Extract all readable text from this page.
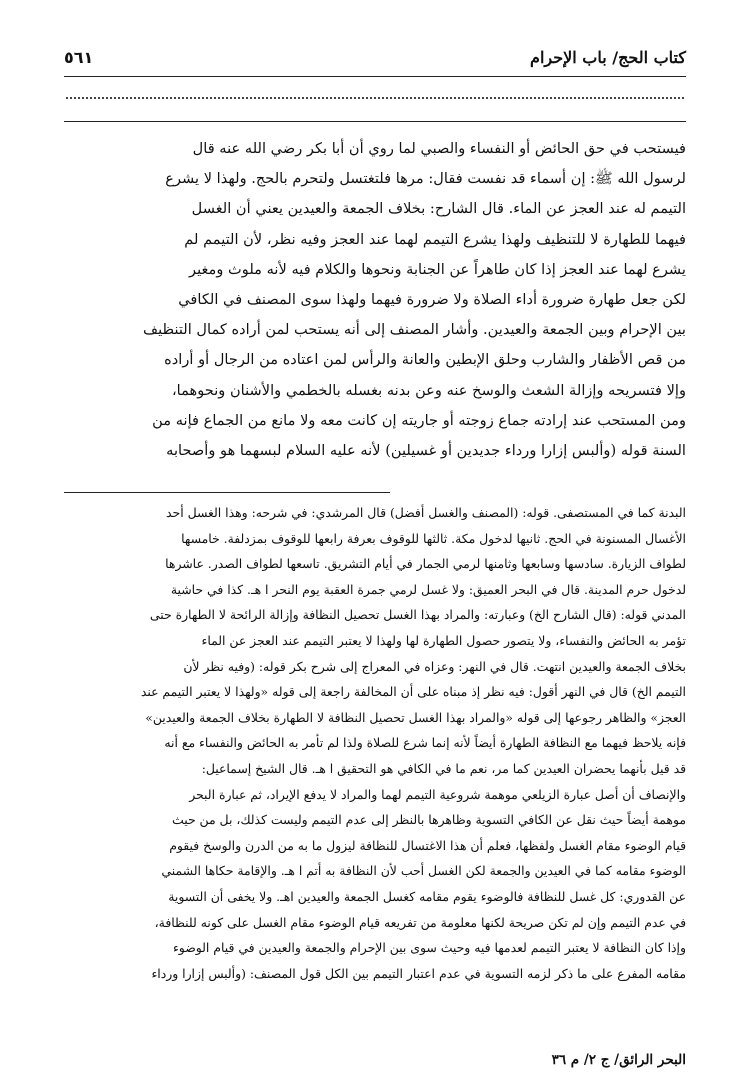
كتاب الحج/ باب الإحرام
٥٦١
فيستحب في حق الحائض أو النفساء والصبي لما روي أن أبا بكر رضي الله عنه قال
لرسول الله ﷺ: إن أسماء قد نفست فقال: مرها فلتغتسل ولتحرم بالحج. ولهذا لا يشرع
التيمم له عند العجز عن الماء. قال الشارح: بخلاف الجمعة والعيدين يعني أن الغسل
فيهما للطهارة لا للتنظيف ولهذا يشرع التيمم لهما عند العجز وفيه نظر، لأن التيمم لم
يشرع لهما عند العجز إذا كان طاهراً عن الجنابة ونحوها والكلام فيه لأنه ملوث ومغير
لكن جعل طهارة ضرورة أداء الصلاة ولا ضرورة فيهما ولهذا سوى المصنف في الكافي
بين الإحرام وبين الجمعة والعيدين. وأشار المصنف إلى أنه يستحب لمن أراده كمال التنظيف
من قص الأظفار والشارب وحلق الإبطين والعانة والرأس لمن اعتاده من الرجال أو أراده
وإلا فتسريحه وإزالة الشعث والوسخ عنه وعن بدنه بغسله بالخطمي والأشنان ونحوهما،
ومن المستحب عند إرادته جماع زوجته أو جاريته إن كانت معه ولا مانع من الجماع فإنه من
السنة قوله (وألبس إزارا ورداء جديدين أو غسيلين) لأنه عليه السلام لبسهما هو وأصحابه
البدنة كما في المستصفى. قوله: (المصنف والغسل أفضل) قال المرشدي: في شرحه: وهذا الغسل أحد
الأغسال المسنونة في الحج. ثانيها لدخول مكة. ثالثها للوقوف بعرفة رابعها للوقوف بمزدلفة. خامسها
لطواف الزيارة. سادسها وسابعها وثامنها لرمي الجمار في أيام التشريق. تاسعها لطواف الصدر. عاشرها
لدخول حرم المدينة. قال في البحر العميق: ولا غسل لرمي جمرة العقبة يوم النحر ا هـ. كذا في حاشية
المدني قوله: (قال الشارح الخ) وعبارته: والمراد بهذا الغسل تحصيل النظافة وإزالة الرائحة لا الطهارة حتى
تؤمر به الحائض والنفساء، ولا يتصور حصول الطهارة لها ولهذا لا يعتبر التيمم عند العجز عن الماء
بخلاف الجمعة والعيدين انتهت. قال في النهر: وعزاه في المعراج إلى شرح بكر قوله: (وفيه نظر لأن
التيمم الخ) قال في النهر أقول: فيه نظر إذ مبناه على أن المخالفة راجعة إلى قوله «ولهذا لا يعتبر التيمم عند
العجز» والظاهر رجوعها إلى قوله «والمراد بهذا الغسل تحصيل النظافة لا الطهارة بخلاف الجمعة والعيدين»
فإنه يلاحظ فيهما مع النظافة الطهارة أيضاً لأنه إنما شرع للصلاة ولذا لم تأمر به الحائض والنفساء مع أنه
قد قيل بأنهما يحضران العيدين كما مر، نعم ما في الكافي هو التحقيق ا هـ. قال الشيخ إسماعيل:
والإنصاف أن أصل عبارة الزيلعي موهمة شروعية التيمم لهما والمراد لا يدفع الإيراد، ثم عبارة البحر
موهمة أيضاً حيث نقل عن الكافي التسوية وظاهرها بالنظر إلى عدم التيمم وليست كذلك، بل من حيث
قيام الوضوء مقام الغسل ولفظها، فعلم أن هذا الاغتسال للنظافة ليزول ما به من الدرن والوسخ فيقوم
الوضوء مقامه كما في العيدين والجمعة لكن الغسل أحب لأن النظافة به أتم ا هـ. والإقامة حكاها الشمني
عن القدوري: كل غسل للنظافة فالوضوء يقوم مقامه كغسل الجمعة والعيدين اهـ. ولا يخفى أن التسوية
في عدم التيمم وإن لم تكن صريحة لكنها معلومة من تفريعه قيام الوضوء مقام الغسل على كونه للنظافة،
وإذا كان النظافة لا يعتبر التيمم لعدمها فيه وحيث سوى بين الإحرام والجمعة والعيدين في قيام الوضوء
مقامه المفرع على ما ذكر لزمه التسوية في عدم اعتبار التيمم بين الكل قول المصنف: (وألبس إزارا ورداء
البحر الرائق/ ج ٢/ م ٣٦
